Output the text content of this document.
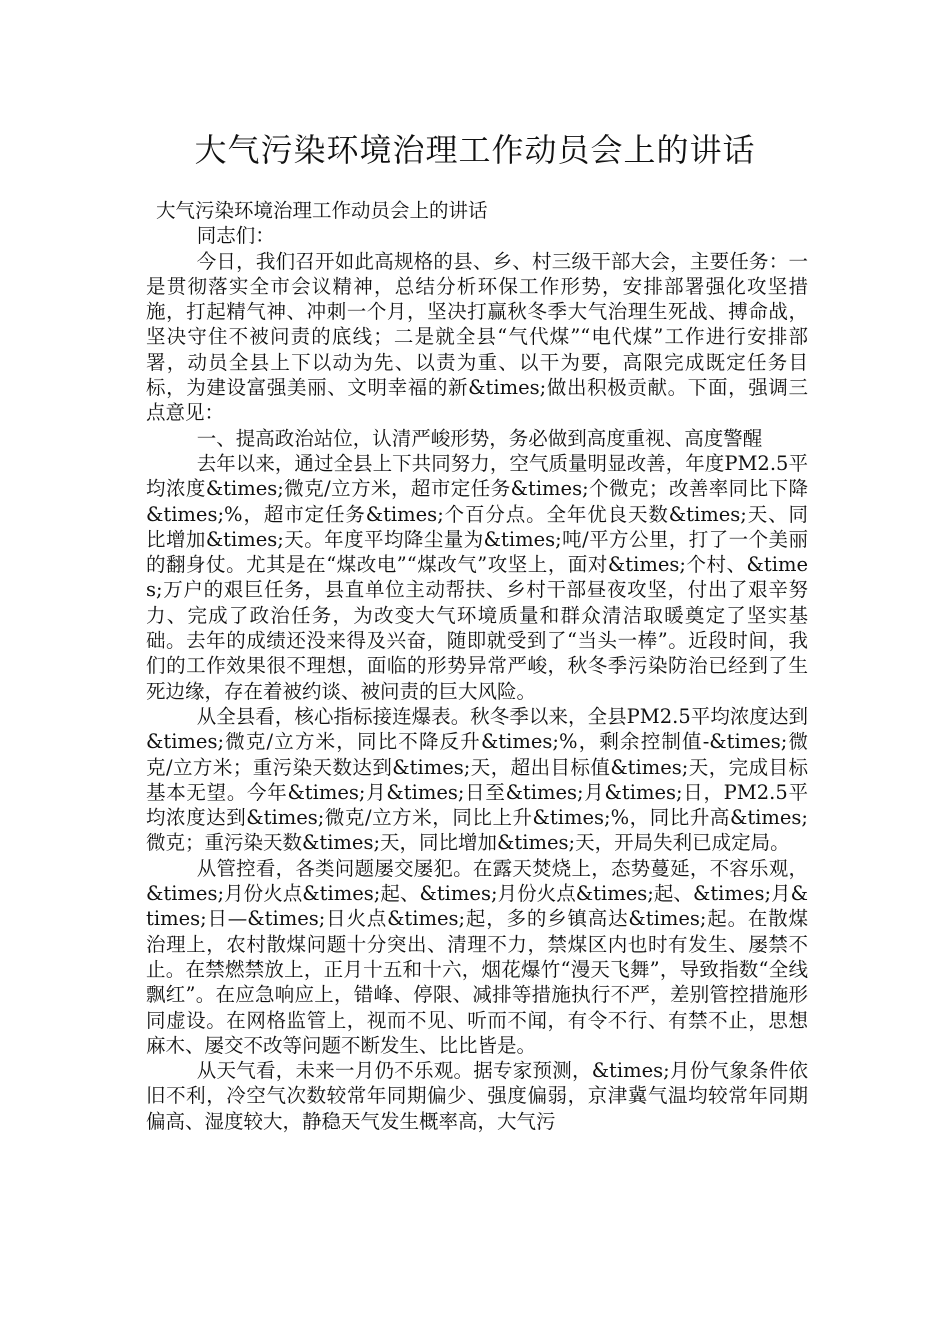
大气污染环境治理工作动员会上的讲话

大气污染环境治理工作动员会上的讲话

同志们：

今日，我们召开如此高规格的县、乡、村三级干部大会，主要任务：一是贯彻落实全市会议精神，总结分析环保工作形势，安排部署强化攻坚措施，打起精气神、冲刺一个月，坚决打赢秋冬季大气治理生死战、搏命战，坚决守住不被问责的底线；二是就全县“气代煤”“电代煤”工作进行安排部署，动员全县上下以动为先、以责为重、以干为要，高限完成既定任务目标，为建设富强美丽、文明幸福的新&times;做出积极贡献。下面，强调三点意见：

一、提高政治站位，认清严峻形势，务必做到高度重视、高度警醒

去年以来，通过全县上下共同努力，空气质量明显改善，年度PM2.5平均浓度&times;微克/立方米，超市定任务&times;个微克；改善率同比下降&times;%，超市定任务&times;个百分点。全年优良天数&times;天、同比增加&times;天。年度平均降尘量为&times;吨/平方公里，打了一个美丽的翻身仗。尤其是在“煤改电”“煤改气”攻坚上，面对&times;个村、&times;万户的艰巨任务，县直单位主动帮扶、乡村干部昼夜攻坚，付出了艰辛努力、完成了政治任务，为改变大气环境质量和群众清洁取暖奠定了坚实基础。去年的成绩还没来得及兴奋，随即就受到了“当头一棒”。近段时间，我们的工作效果很不理想，面临的形势异常严峻，秋冬季污染防治已经到了生死边缘，存在着被约谈、被问责的巨大风险。

从全县看，核心指标接连爆表。秋冬季以来，全县PM2.5平均浓度达到&times;微克/立方米，同比不降反升&times;%，剩余控制值-&times;微克/立方米；重污染天数达到&times;天，超出目标值&times;天，完成目标基本无望。今年&times;月&times;日至&times;月&times;日，PM2.5平均浓度达到&times;微克/立方米，同比上升&times;%，同比升高&times;微克；重污染天数&times;天，同比增加&times;天，开局失利已成定局。

从管控看，各类问题屡交屡犯。在露天焚烧上，态势蔓延，不容乐观，&times;月份火点&times;起、&times;月份火点&times;起、&times;月&times;日—&times;日火点&times;起，多的乡镇高达&times;起。在散煤治理上，农村散煤问题十分突出、清理不力，禁煤区内也时有发生、屡禁不止。在禁燃禁放上，正月十五和十六，烟花爆竹“漫天飞舞”，导致指数“全线飘红”。在应急响应上，错峰、停限、减排等措施执行不严，差别管控措施形同虚设。在网格监管上，视而不见、听而不闻，有令不行、有禁不止，思想麻木、屡交不改等问题不断发生、比比皆是。

从天气看，未来一月仍不乐观。据专家预测，&times;月份气象条件依旧不利，冷空气次数较常年同期偏少、强度偏弱，京津冀气温均较常年同期偏高、湿度较大，静稳天气发生概率高，大气污
